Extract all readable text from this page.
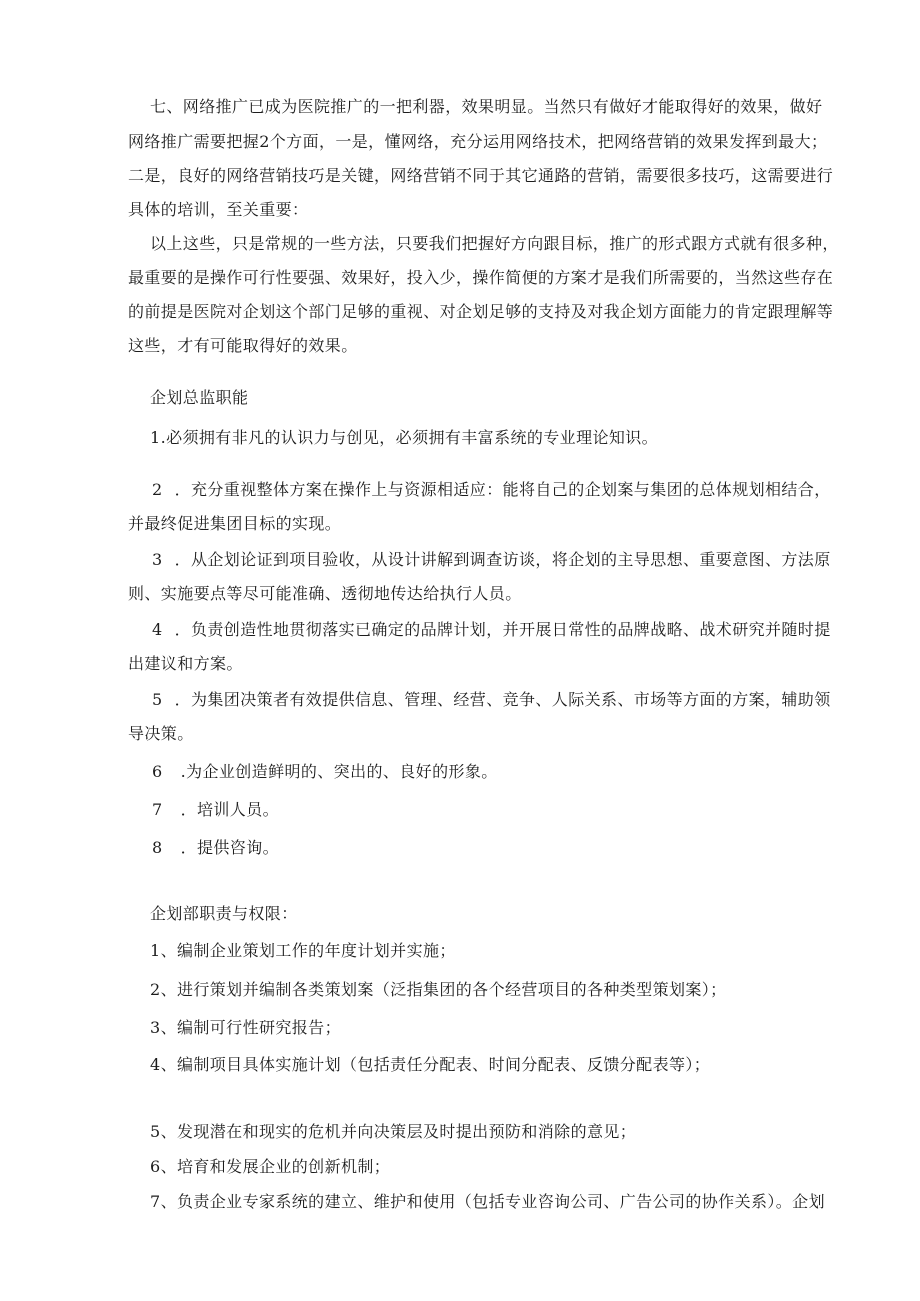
七、网络推广已成为医院推广的一把利器，效果明显。当然只有做好才能取得好的效果，做好
网络推广需要把握2个方面，一是，懂网络，充分运用网络技术，把网络营销的效果发挥到最大；
二是，良好的网络营销技巧是关键，网络营销不同于其它通路的营销，需要很多技巧，这需要进行
具体的培训，至关重要：
以上这些，只是常规的一些方法，只要我们把握好方向跟目标，推广的形式跟方式就有很多种，
最重要的是操作可行性要强、效果好，投入少，操作简便的方案才是我们所需要的，当然这些存在
的前提是医院对企划这个部门足够的重视、对企划足够的支持及对我企划方面能力的肯定跟理解等
这些，才有可能取得好的效果。
企划总监职能
1.必须拥有非凡的认识力与创见，必须拥有丰富系统的专业理论知识。
2 ．充分重视整体方案在操作上与资源相适应：能将自己的企划案与集团的总体规划相结合，
并最终促进集团目标的实现。
3 ．从企划论证到项目验收，从设计讲解到调查访谈，将企划的主导思想、重要意图、方法原
则、实施要点等尽可能准确、透彻地传达给执行人员。
4 ．负责创造性地贯彻落实已确定的品牌计划，并开展日常性的品牌战略、战术研究并随时提
出建议和方案。
5 ．为集团决策者有效提供信息、管理、经营、竞争、人际关系、市场等方面的方案，辅助领
导决策。
6 .为企业创造鲜明的、突出的、良好的形象。
7 ．培训人员。
8 ．提供咨询。
企划部职责与权限：
1、编制企业策划工作的年度计划并实施；
2、进行策划并编制各类策划案（泛指集团的各个经营项目的各种类型策划案）；
3、编制可行性研究报告；
4、编制项目具体实施计划（包括责任分配表、时间分配表、反馈分配表等）；
5、发现潜在和现实的危机并向决策层及时提出预防和消除的意见；
6、培育和发展企业的创新机制；
7、负责企业专家系统的建立、维护和使用（包括专业咨询公司、广告公司的协作关系）。企划
